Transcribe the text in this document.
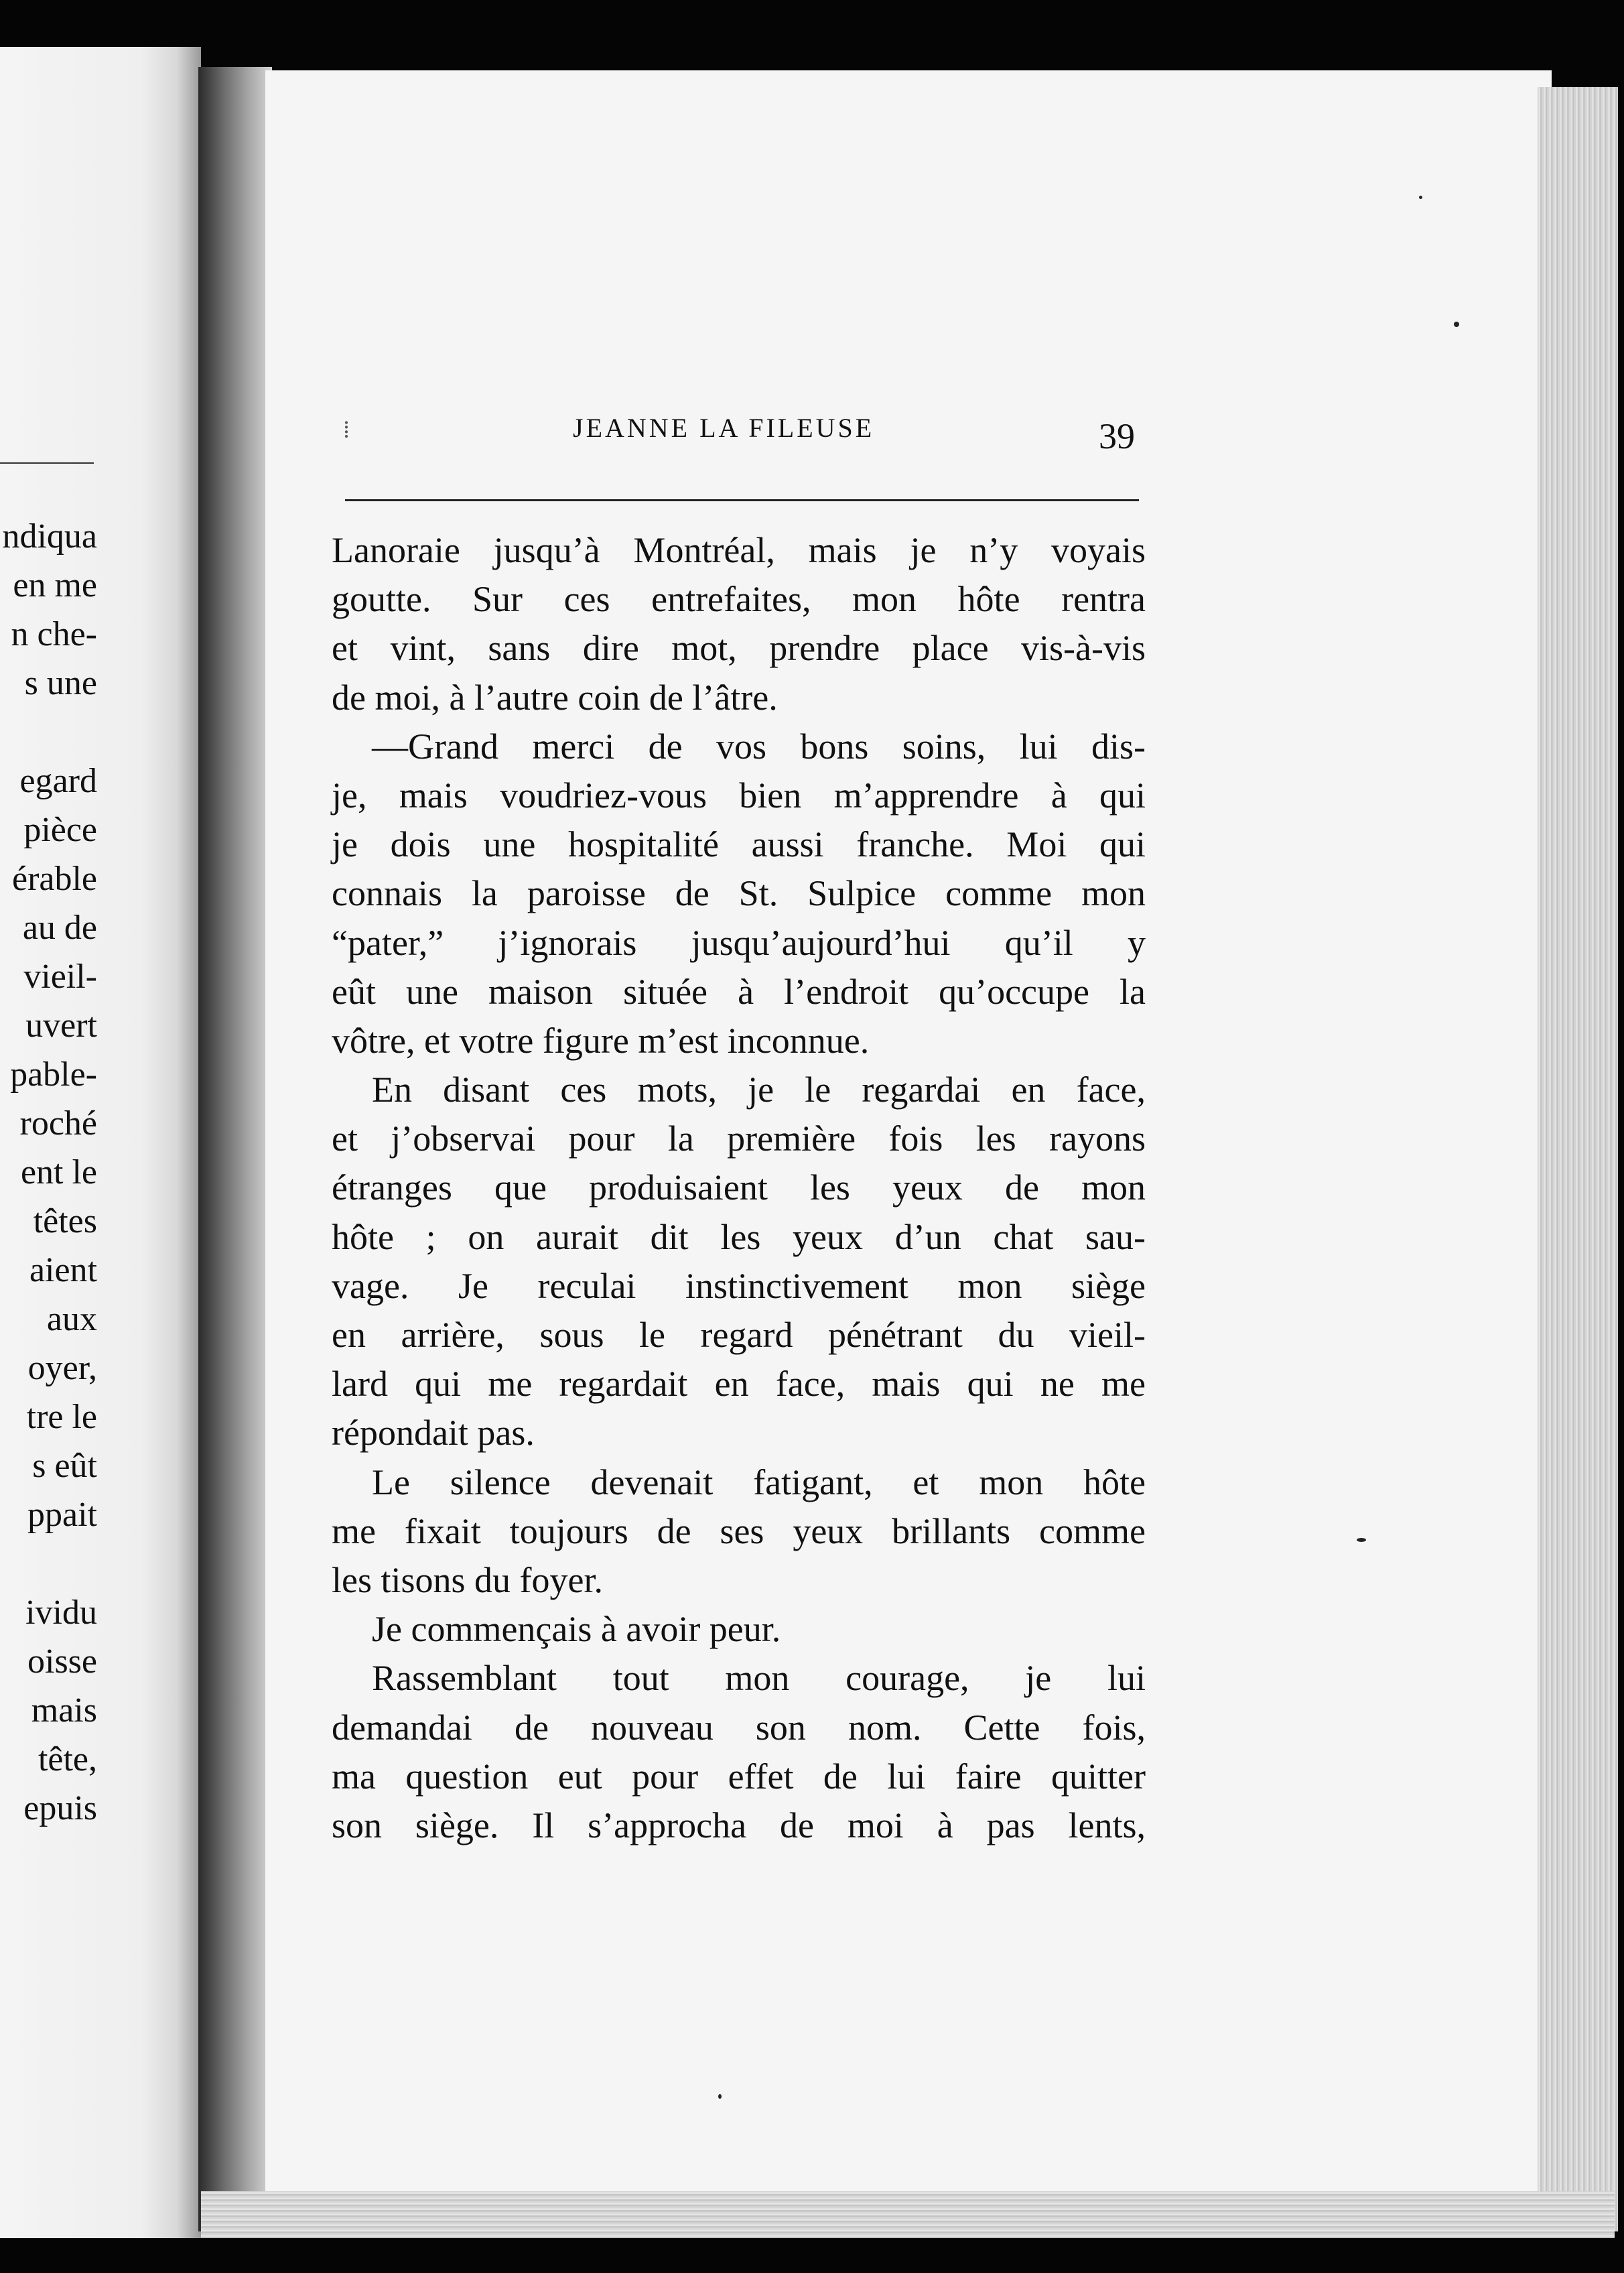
ndiqua
en me
n che-
s une
egard
pièce
érable
au de
vieil-
uvert
pable-
roché
ent le
têtes
aient
aux
oyer,
tre le
s eût
ppait
ividu
oisse
mais
tête,
epuis
⁞	JEANNE LA FILEUSE	39
Lanoraie jusqu’à Montréal, mais je n’y voyais
goutte. Sur ces entrefaites, mon hôte rentra
et vint, sans dire mot, prendre place vis-à-vis
de moi, à l’autre coin de l’âtre.
—Grand merci de vos bons soins, lui dis-
je, mais voudriez-vous bien m’apprendre à qui
je dois une hospitalité aussi franche. Moi qui
connais la paroisse de St. Sulpice comme mon
“pater,” j’ignorais jusqu’aujourd’hui qu’il y
eût une maison située à l’endroit qu’occupe la
vôtre, et votre figure m’est inconnue.
En disant ces mots, je le regardai en face,
et j’observai pour la première fois les rayons
étranges que produisaient les yeux de mon
hôte ; on aurait dit les yeux d’un chat sau-
vage. Je reculai instinctivement mon siège
en arrière, sous le regard pénétrant du vieil-
lard qui me regardait en face, mais qui ne me
répondait pas.
Le silence devenait fatigant, et mon hôte
me fixait toujours de ses yeux brillants comme
les tisons du foyer.
Je commençais à avoir peur.
Rassemblant tout mon courage, je lui
demandai de nouveau son nom. Cette fois,
ma question eut pour effet de lui faire quitter
son siège. Il s’approcha de moi à pas lents,
